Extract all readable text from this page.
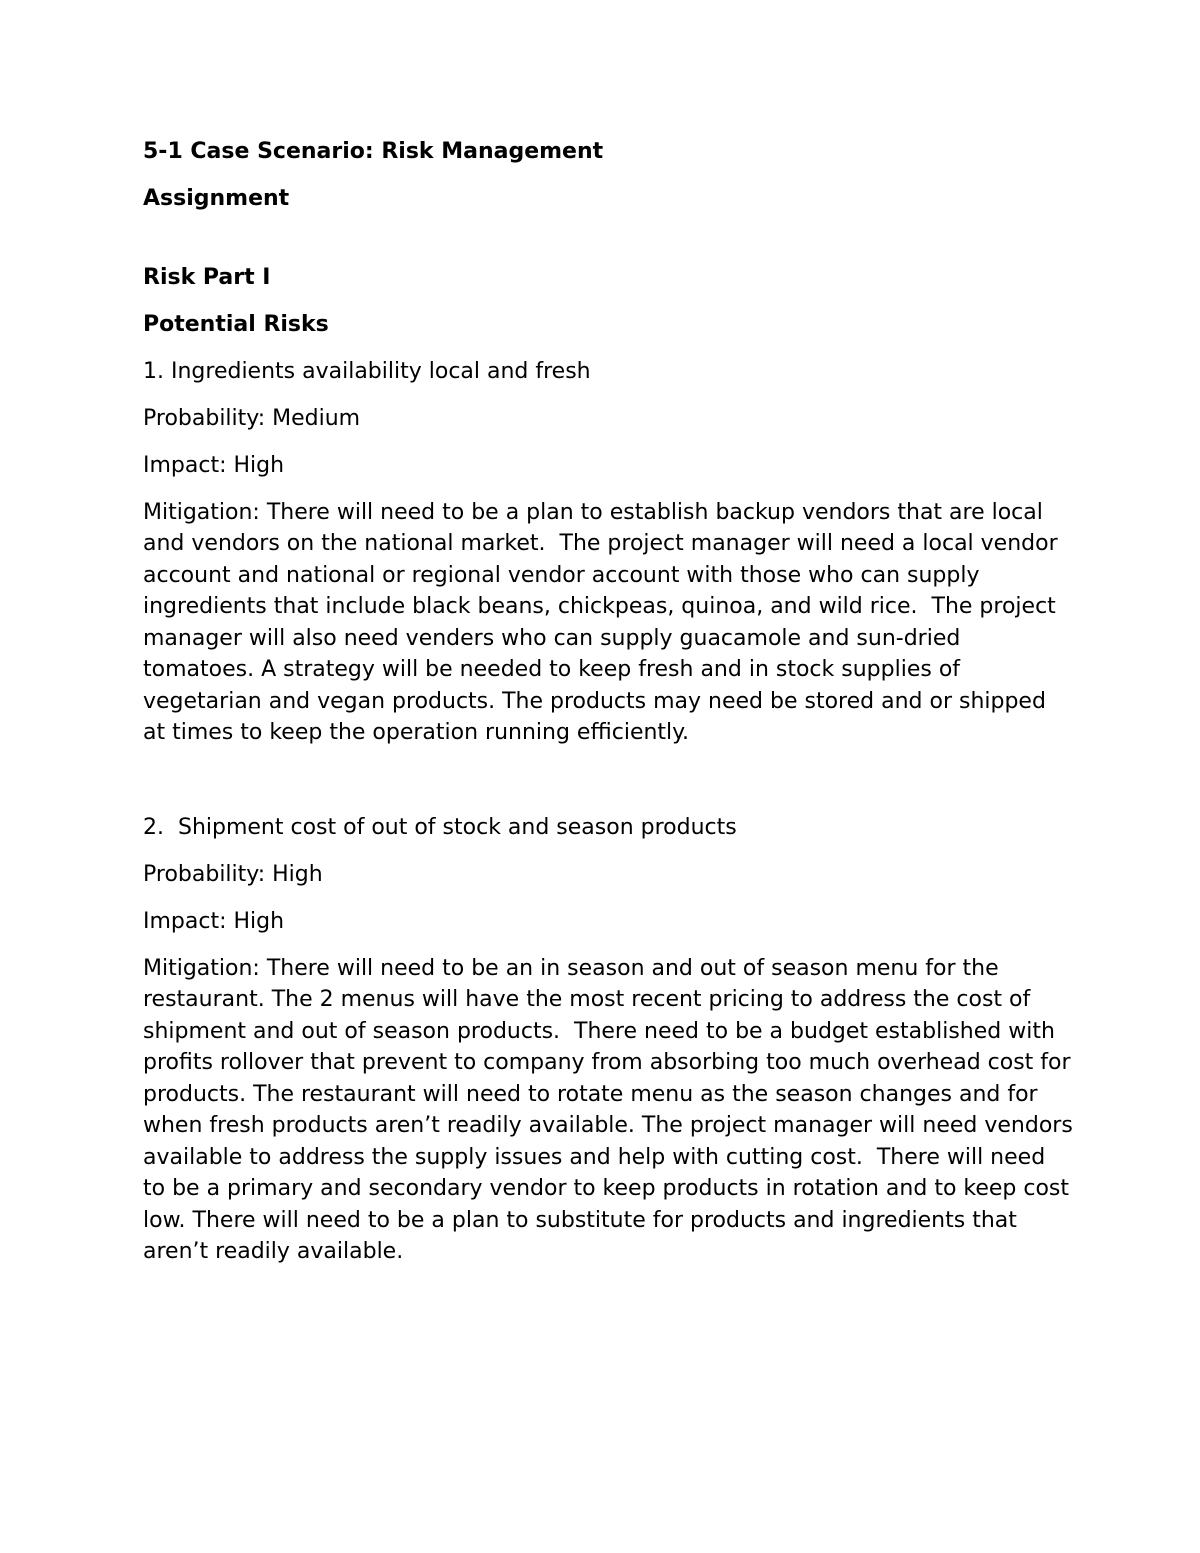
5-1 Case Scenario: Risk Management

Assignment

Risk Part I

Potential Risks

1. Ingredients availability local and fresh

Probability: Medium

Impact: High

Mitigation: There will need to be a plan to establish backup vendors that are local and vendors on the national market.  The project manager will need a local vendor account and national or regional vendor account with those who can supply ingredients that include black beans, chickpeas, quinoa, and wild rice.  The project manager will also need venders who can supply guacamole and sun-dried tomatoes. A strategy will be needed to keep fresh and in stock supplies of vegetarian and vegan products. The products may need be stored and or shipped at times to keep the operation running efficiently.

2.  Shipment cost of out of stock and season products

Probability: High

Impact: High

Mitigation: There will need to be an in season and out of season menu for the restaurant. The 2 menus will have the most recent pricing to address the cost of shipment and out of season products.  There need to be a budget established with profits rollover that prevent to company from absorbing too much overhead cost for products. The restaurant will need to rotate menu as the season changes and for when fresh products aren’t readily available. The project manager will need vendors available to address the supply issues and help with cutting cost.  There will need to be a primary and secondary vendor to keep products in rotation and to keep cost low. There will need to be a plan to substitute for products and ingredients that aren’t readily available.
